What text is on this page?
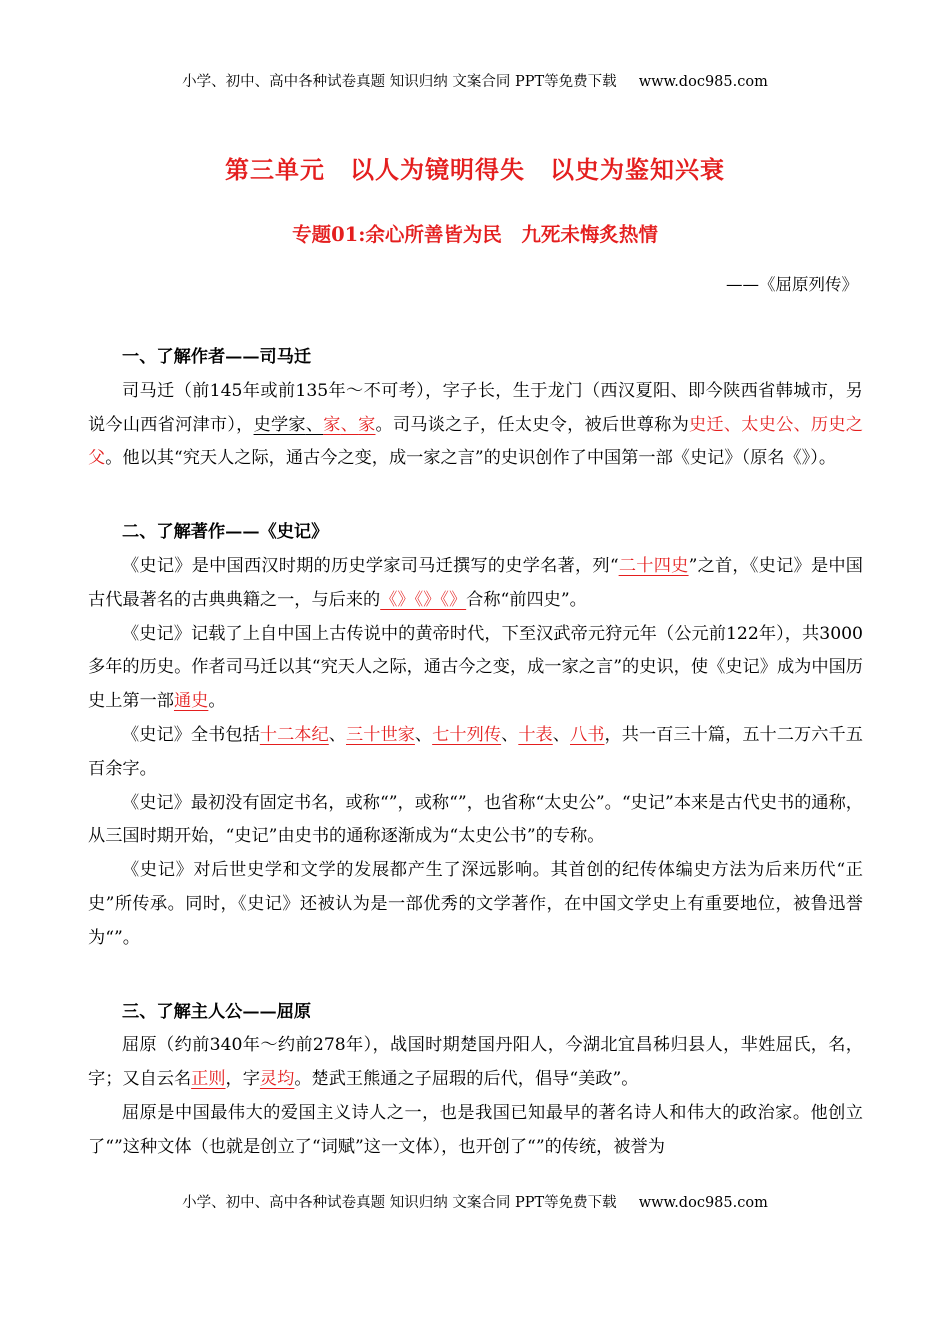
小学、初中、高中各种试卷真题 知识归纳 文案合同 PPT等免费下载 www.doc985.com
第三单元　以人为镜明得失　以史为鉴知兴衰
专题01:余心所善皆为民　九死未悔炙热情
——《屈原列传》

一、了解作者——司马迁

司马迁（前145年或前135年～不可考），字子长，生于龙门（西汉夏阳、即今陕西省韩城市，另说今山西省河津市），史学家、家、家。司马谈之子，任太史令，被后世尊称为史迁、太史公、历史之父。他以其“究天人之际，通古今之变，成一家之言”的史识创作了中国第一部《史记》（原名《》）。

二、了解著作——《史记》

《史记》是中国西汉时期的历史学家司马迁撰写的史学名著，列“二十四史”之首，《史记》是中国古代最著名的古典典籍之一，与后来的《》《》《》合称“前四史”。

《史记》记载了上自中国上古传说中的黄帝时代，下至汉武帝元狩元年（公元前122年），共3000多年的历史。作者司马迁以其“究天人之际，通古今之变，成一家之言”的史识，使《史记》成为中国历史上第一部通史。

《史记》全书包括十二本纪、三十世家、七十列传、十表、八书，共一百三十篇，五十二万六千五百余字。

《史记》最初没有固定书名，或称“”，或称“”，也省称“太史公”。“史记”本来是古代史书的通称，从三国时期开始，“史记”由史书的通称逐渐成为“太史公书”的专称。

《史记》对后世史学和文学的发展都产生了深远影响。其首创的纪传体编史方法为后来历代“正史”所传承。同时，《史记》还被认为是一部优秀的文学著作，在中国文学史上有重要地位，被鲁迅誉为“”。

三、了解主人公——屈原

屈原（约前340年～约前278年），战国时期楚国丹阳人，今湖北宜昌秭归县人，芈姓屈氏，名，字；又自云名正则，字灵均。楚武王熊通之子屈瑕的后代，倡导“美政”。

屈原是中国最伟大的爱国主义诗人之一，也是我国已知最早的著名诗人和伟大的政治家。他创立了“”这种文体（也就是创立了“词赋”这一文体），也开创了“”的传统，被誉为

小学、初中、高中各种试卷真题 知识归纳 文案合同 PPT等免费下载 www.doc985.com
